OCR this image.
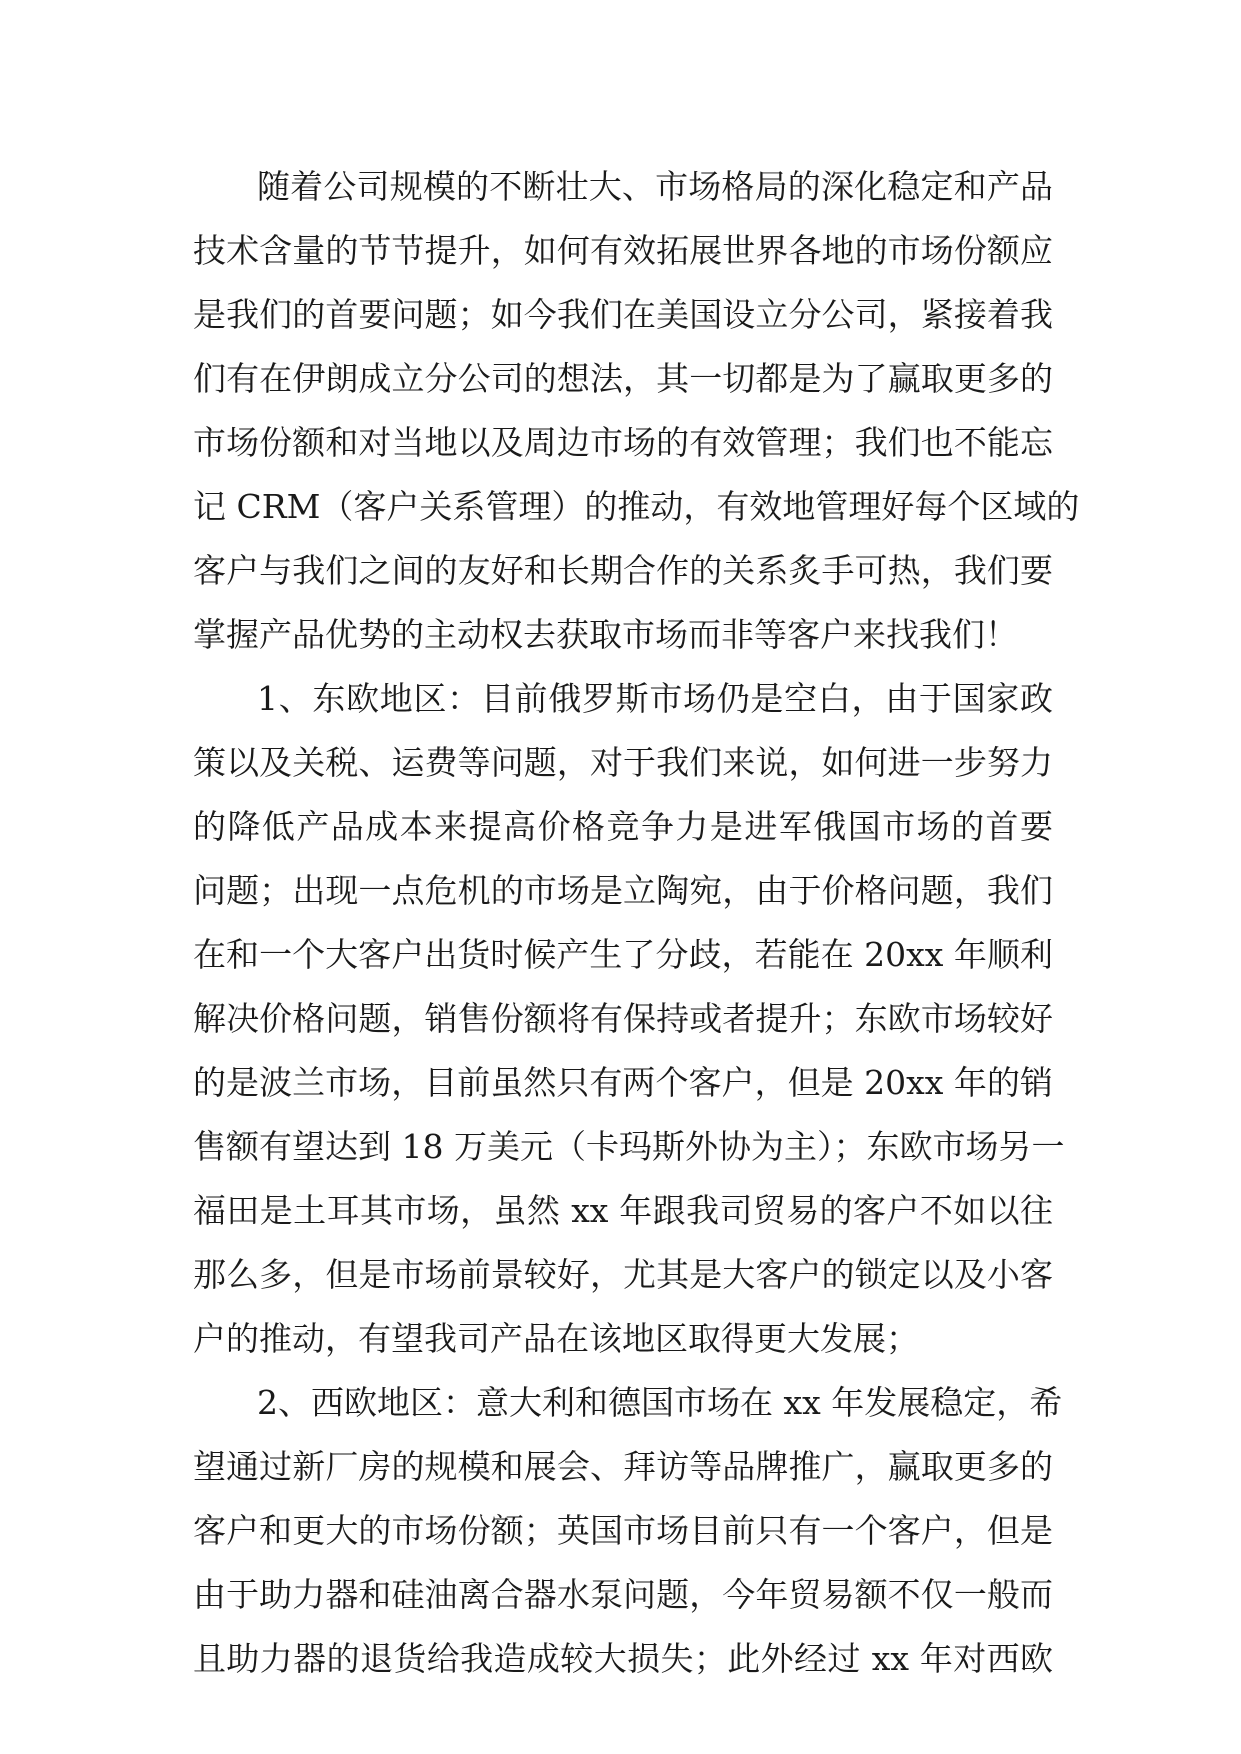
随着公司规模的不断壮大、市场格局的深化稳定和产品
技术含量的节节提升，如何有效拓展世界各地的市场份额应
是我们的首要问题；如今我们在美国设立分公司，紧接着我
们有在伊朗成立分公司的想法，其一切都是为了赢取更多的
市场份额和对当地以及周边市场的有效管理；我们也不能忘
记 CRM（客户关系管理）的推动，有效地管理好每个区域的
客户与我们之间的友好和长期合作的关系炙手可热，我们要
掌握产品优势的主动权去获取市场而非等客户来找我们！
1、东欧地区：目前俄罗斯市场仍是空白，由于国家政
策以及关税、运费等问题，对于我们来说，如何进一步努力
的降低产品成本来提高价格竞争力是进军俄国市场的首要
问题；出现一点危机的市场是立陶宛，由于价格问题，我们
在和一个大客户出货时候产生了分歧，若能在 20xx 年顺利
解决价格问题，销售份额将有保持或者提升；东欧市场较好
的是波兰市场，目前虽然只有两个客户，但是 20xx 年的销
售额有望达到 18 万美元（卡玛斯外协为主）；东欧市场另一
福田是土耳其市场，虽然 xx 年跟我司贸易的客户不如以往
那么多，但是市场前景较好，尤其是大客户的锁定以及小客
户的推动，有望我司产品在该地区取得更大发展；
2、西欧地区：意大利和德国市场在 xx 年发展稳定，希
望通过新厂房的规模和展会、拜访等品牌推广，赢取更多的
客户和更大的市场份额；英国市场目前只有一个客户，但是
由于助力器和硅油离合器水泵问题，今年贸易额不仅一般而
且助力器的退货给我造成较大损失；此外经过 xx 年对西欧
